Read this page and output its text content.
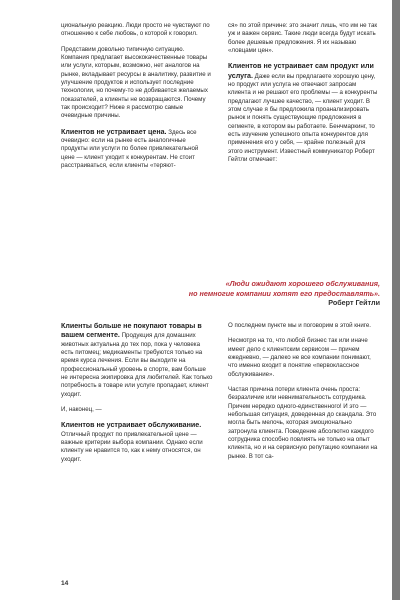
циональную реакцию. Люди просто не чувствуют по отношению к себе любовь, о которой к говорил.

Представим довольно типичную ситуацию. Компания предлагает высококачественные товары или услуги, которым, возможно, нет аналогов на рынке, вкладывает ресурсы в аналитику, развитие и улучшение продуктов и использует последние технологии, но почему-то не добивается желаемых показателей, а клиенты не возвращаются. Почему так происходит? Ниже я рассмотрю самые очевидные причины.

Клиентов не устраивает цена. Здесь все очевидно: если на рынке есть аналогичные продукты или услуги по более привлекательной цене — клиент уходит к конкурентам. Не стоит расстраиваться, если клиенты «теряют-

ся» по этой причине: это значит лишь, что им не так уж и важен сервис. Такие люди всегда будут искать более дешевые предложения. Я их называю «ловцами цен».

Клиентов не устраивает сам продукт или услуга. Даже если вы предлагаете хорошую цену, но продукт или услуга не отвечают запросам клиента и не решают его проблемы — а конкуренты предлагают лучшее качество, — клиент уходит. В этом случае я бы предложила проанализировать рынок и понять существующие предложения в сегменте, в котором вы работаете. Бенчмаркинг, то есть изучение успешного опыта конкурентов для применения его у себя, — крайне полезный для этого инструмент. Известный коммуникатор Роберт Гейтли отмечает:

«Люди ожидают хорошего обслуживания,
но немногие компании хотят его предоставлять».

Роберт Гейтли

Клиенты больше не покупают товары в вашем сегменте. Продукция для домашних животных актуальна до тех пор, пока у человека есть питомец; медикаменты требуются только на время курса лечения. Если вы выходите на профессиональный уровень в спорте, вам больше не интересна экипировка для любителей. Как только потребность в товаре или услуге пропадает, клиент уходит.

И, наконец, —

Клиентов не устраивает обслуживание. Отличный продукт по привлекательной цене — важные критерии выбора компании. Однако если клиенту не нравится то, как к нему относятся, он уходит.

О последнем пункте мы и поговорим в этой книге.

Несмотря на то, что любой бизнес так или иначе имеет дело с клиентским сервисом — причем ежедневно, — далеко не все компании понимают, что именно входит в понятие «первоклассное обслуживание».

Частая причина потери клиента очень проста: безразличие или невнимательность сотрудника. Причем нередко одного-единственного! И это — небольшая ситуация, доведенная до скандала. Это могла быть мелочь, которая эмоционально затронула клиента. Поведение абсолютно каждого сотрудника способно повлиять не только на опыт клиента, но и на сервисную репутацию компании на рынке. В тот са-

14
